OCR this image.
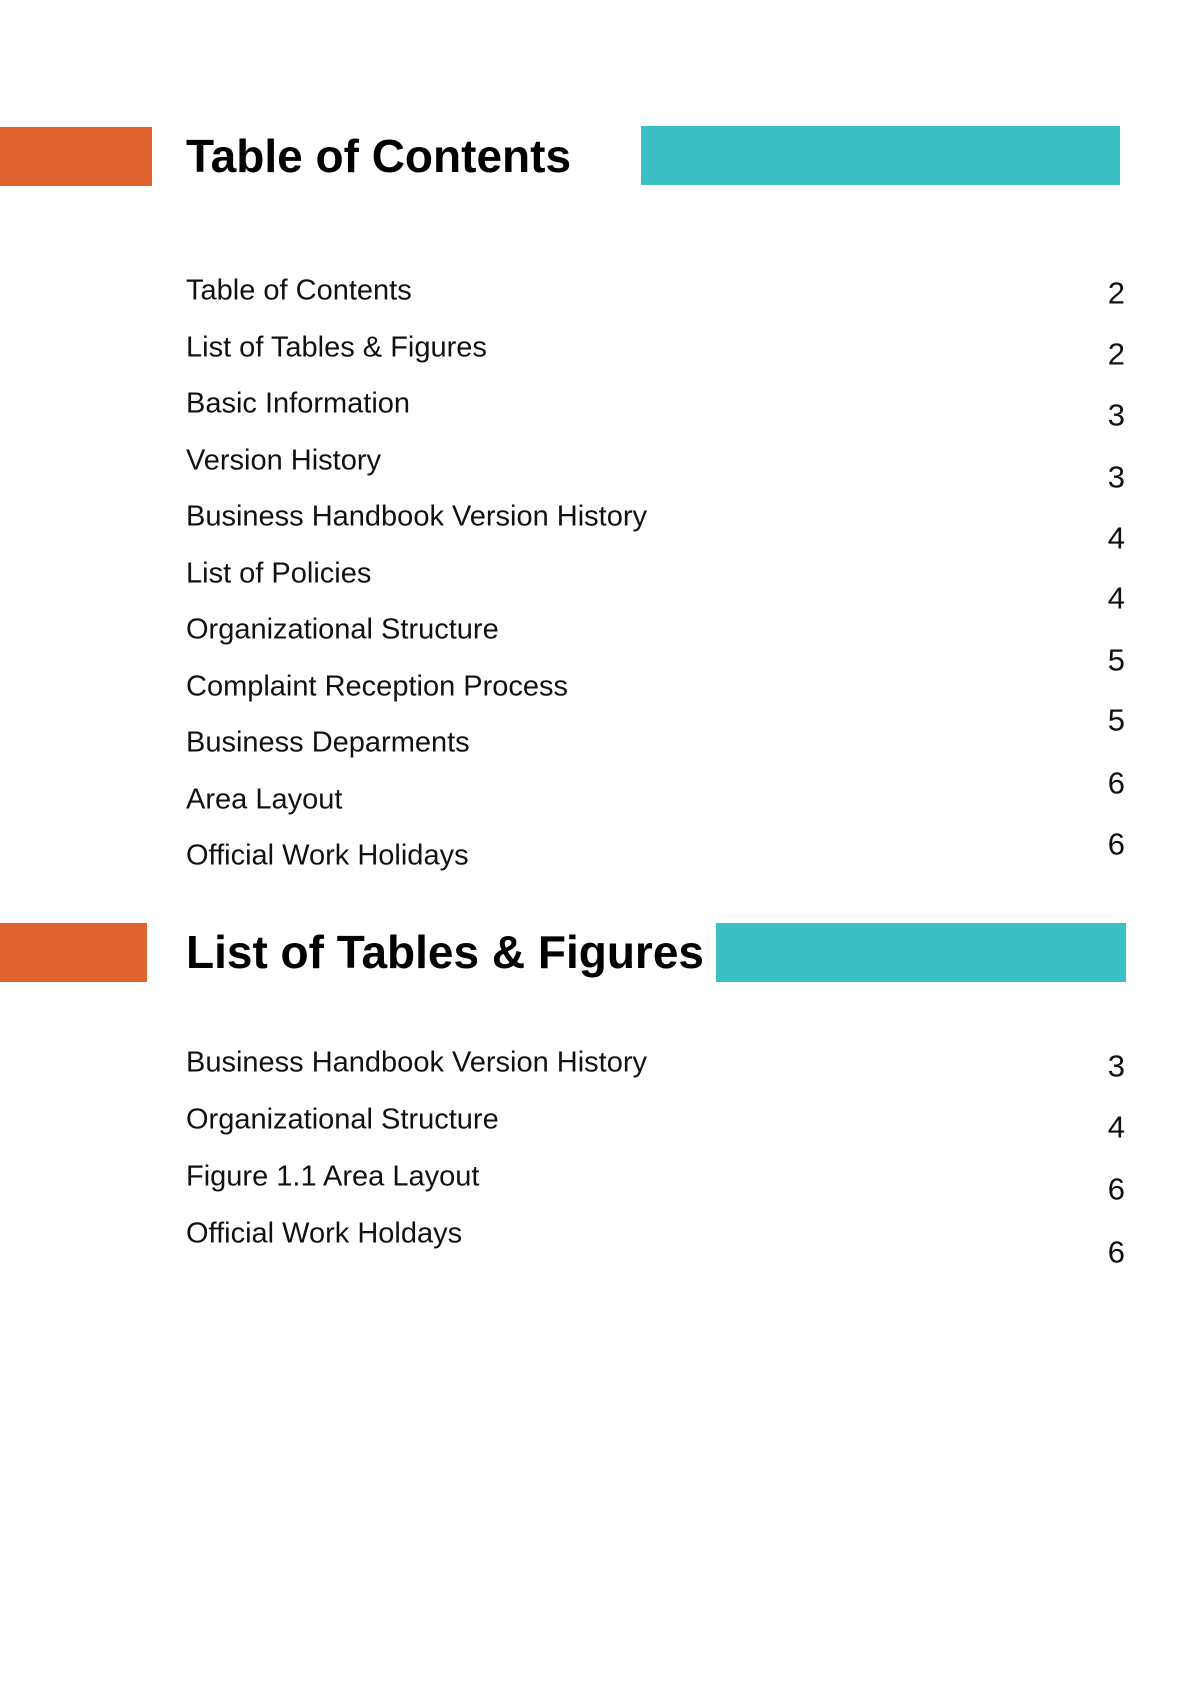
Table of Contents
Table of Contents
List of Tables & Figures
Basic Information
Version History
Business Handbook Version History
List of Policies
Organizational Structure
Complaint Reception Process
Business Deparments
Area Layout
Official Work Holidays
2
2
3
3
4
4
5
5
6
6
List of Tables & Figures
Business Handbook Version History
Organizational Structure
Figure 1.1 Area Layout
Official Work Holdays
3
4
6
6
